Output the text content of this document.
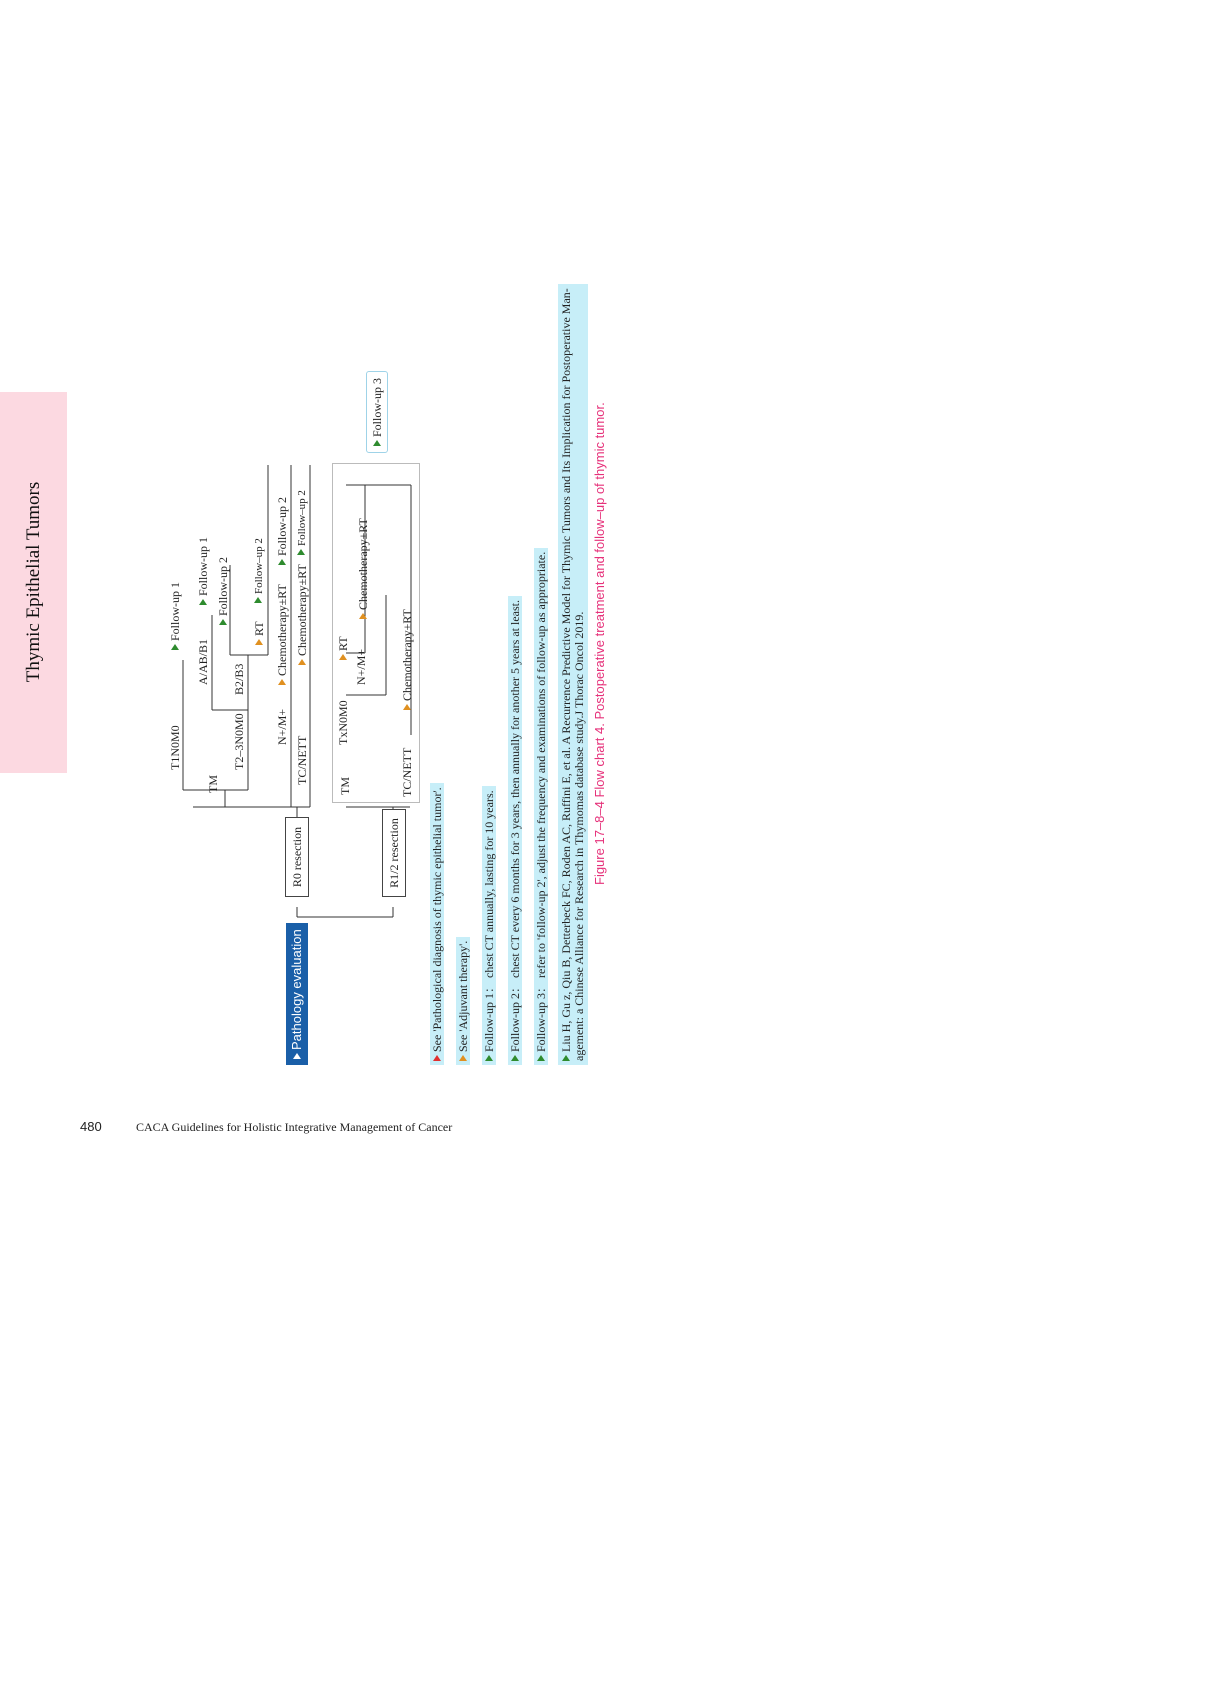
Thymic Epithelial Tumors
Pathology evaluation
R0 resection	R1/2 resection
TM
T1N0M0	T2–3N0M0 N+/M+
TC/NETT
A/AB/B1 B2/B3
Follow-up 1
Follow-up 1 Follow-up 2
RT
Follow–up 2
Chemotherapy±RT
Follow-up 2
Chemotherapy±RT
Follow–up 2
TM
TxN0M0
N+/M+
TC/NETT
RT
Chemotherapy±RT
Chemotherapy±RT
Follow-up 3
See 'Pathological diagnosis of thymic epithelial tumor'. See 'Adjuvant therapy'. Follow-up 1： chest CT annually, lasting for 10 years. Follow-up 2： chest CT every 6 months for 3 years, then annually for another 5 years at least. Follow-up 3： refer to 'follow-up 2', adjust the frequency and examinations of follow-up as appropriate. Liu H, Gu z, Qiu B, Detterbeck FC, Roden AC, Ruffini E, et al. A Recurrence Predictive Model for Thymic Tumors and Its Implication for Postoperative Man-
agement: a Chinese Alliance for Research in Thymomas database study.J Thorac Oncol 2019. Figure 17–8–4 Flow chart 4. Postoperative treatment and follow–up of thymic tumor.
480	CACA Guidelines for Holistic Integrative Management of Cancer
